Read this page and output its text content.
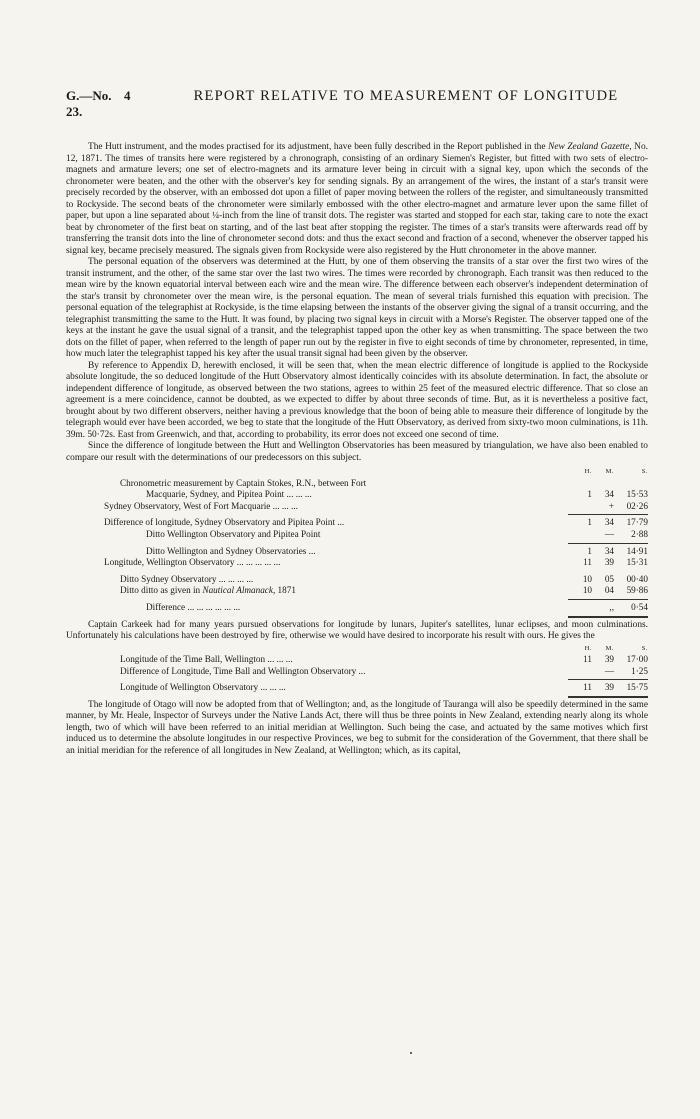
G.—No. 23.
4	REPORT RELATIVE TO MEASUREMENT OF LONGITUDE

The Hutt instrument, and the modes practised for its adjustment, have been fully described in the Report published in the New Zealand Gazette, No. 12, 1871. The times of transits here were registered by a chronograph, consisting of an ordinary Siemen's Register, but fitted with two sets of electro-magnets and armature levers; one set of electro-magnets and its armature lever being in circuit with a signal key, upon which the seconds of the chronometer were beaten, and the other with the observer's key for sending signals. By an arrangement of the wires, the instant of a star's transit were precisely recorded by the observer, with an embossed dot upon a fillet of paper moving between the rollers of the register, and simultaneously transmitted to Rockyside. The second beats of the chronometer were similarly embossed with the other electro-magnet and armature lever upon the same fillet of paper, but upon a line separated about ¼-inch from the line of transit dots. The register was started and stopped for each star, taking care to note the exact beat by chronometer of the first beat on starting, and of the last beat after stopping the register. The times of a star's transits were afterwards read off by transferring the transit dots into the line of chronometer second dots: and thus the exact second and fraction of a second, whenever the observer tapped his signal key, became precisely measured. The signals given from Rockyside were also registered by the Hutt chronometer in the above manner.

The personal equation of the observers was determined at the Hutt, by one of them observing the transits of a star over the first two wires of the transit instrument, and the other, of the same star over the last two wires. The times were recorded by chronograph. Each transit was then reduced to the mean wire by the known equatorial interval between each wire and the mean wire. The difference between each observer's independent determination of the star's transit by chronometer over the mean wire, is the personal equation. The mean of several trials furnished this equation with precision. The personal equation of the telegraphist at Rockyside, is the time elapsing between the instants of the observer giving the signal of a transit occurring, and the telegraphist transmitting the same to the Hutt. It was found, by placing two signal keys in circuit with a Morse's Register. The observer tapped one of the keys at the instant he gave the usual signal of a transit, and the telegraphist tapped upon the other key as when transmitting. The space between the two dots on the fillet of paper, when referred to the length of paper run out by the register in five to eight seconds of time by chronometer, represented, in time, how much later the telegraphist tapped his key after the usual transit signal had been given by the observer.

By reference to Appendix D, herewith enclosed, it will be seen that, when the mean electric difference of longitude is applied to the Rockyside absolute longitude, the so deduced longitude of the Hutt Observatory almost identically coincides with its absolute determination. In fact, the absolute or independent difference of longitude, as observed between the two stations, agrees to within 25 feet of the measured electric difference. That so close an agreement is a mere coincidence, cannot be doubted, as we expected to differ by about three seconds of time. But, as it is nevertheless a positive fact, brought about by two different observers, neither having a previous knowledge that the boon of being able to measure their difference of longitude by the telegraph would ever have been accorded, we beg to state that the longitude of the Hutt Observatory, as derived from sixty-two moon culminations, is 11h. 39m. 50·72s. East from Greenwich, and that, according to probability, its error does not exceed one second of time.

Since the difference of longitude between the Hutt and Wellington Observatories has been measured by triangulation, we have also been enabled to compare our result with the determinations of our predecessors on this subject.

H.	M.	S.
Chronometric measurement by Captain Stokes, R.N., between Fort
Macquarie, Sydney, and Pipitea Point ... ... ...	1	34	15·53
Sydney Observatory, West of Fort Macquarie ... ... ...	+	02·26
Difference of longitude, Sydney Observatory and Pipitea Point ...	1	34	17·79
Ditto Wellington Observatory and Pipitea Point	—	2·88
Ditto Wellington and Sydney Observatories ...	1	34	14·91
Longitude, Wellington Observatory ... ... ... ... ...	11	39	15·31
Ditto Sydney Observatory ... ... ... ...	10	05	00·40
Ditto ditto as given in Nautical Almanack, 1871	10	04	59·86
Difference ... ... ... ... ... ...	,,	0·54

Captain Carkeek had for many years pursued observations for longitude by lunars, Jupiter's satellites, lunar eclipses, and moon culminations. Unfortunately his calculations have been destroyed by fire, otherwise we would have desired to incorporate his result with ours. He gives the

H.	M.	S.
Longitude of the Time Ball, Wellington ... ... ...	11	39	17·00
Difference of Longitude, Time Ball and Wellington Observatory ...	—	1·25
Longitude of Wellington Observatory ... ... ...	11	39	15·75

The longitude of Otago will now be adopted from that of Wellington; and, as the longitude of Tauranga will also be speedily determined in the same manner, by Mr. Heale, Inspector of Surveys under the Native Lands Act, there will thus be three points in New Zealand, extending nearly along its whole length, two of which will have been referred to an initial meridian at Wellington. Such being the case, and actuated by the same motives which first induced us to determine the absolute longitudes in our respective Provinces, we beg to submit for the consideration of the Government, that there shall be an initial meridian for the reference of all longitudes in New Zealand, at Wellington; which, as its capital,
